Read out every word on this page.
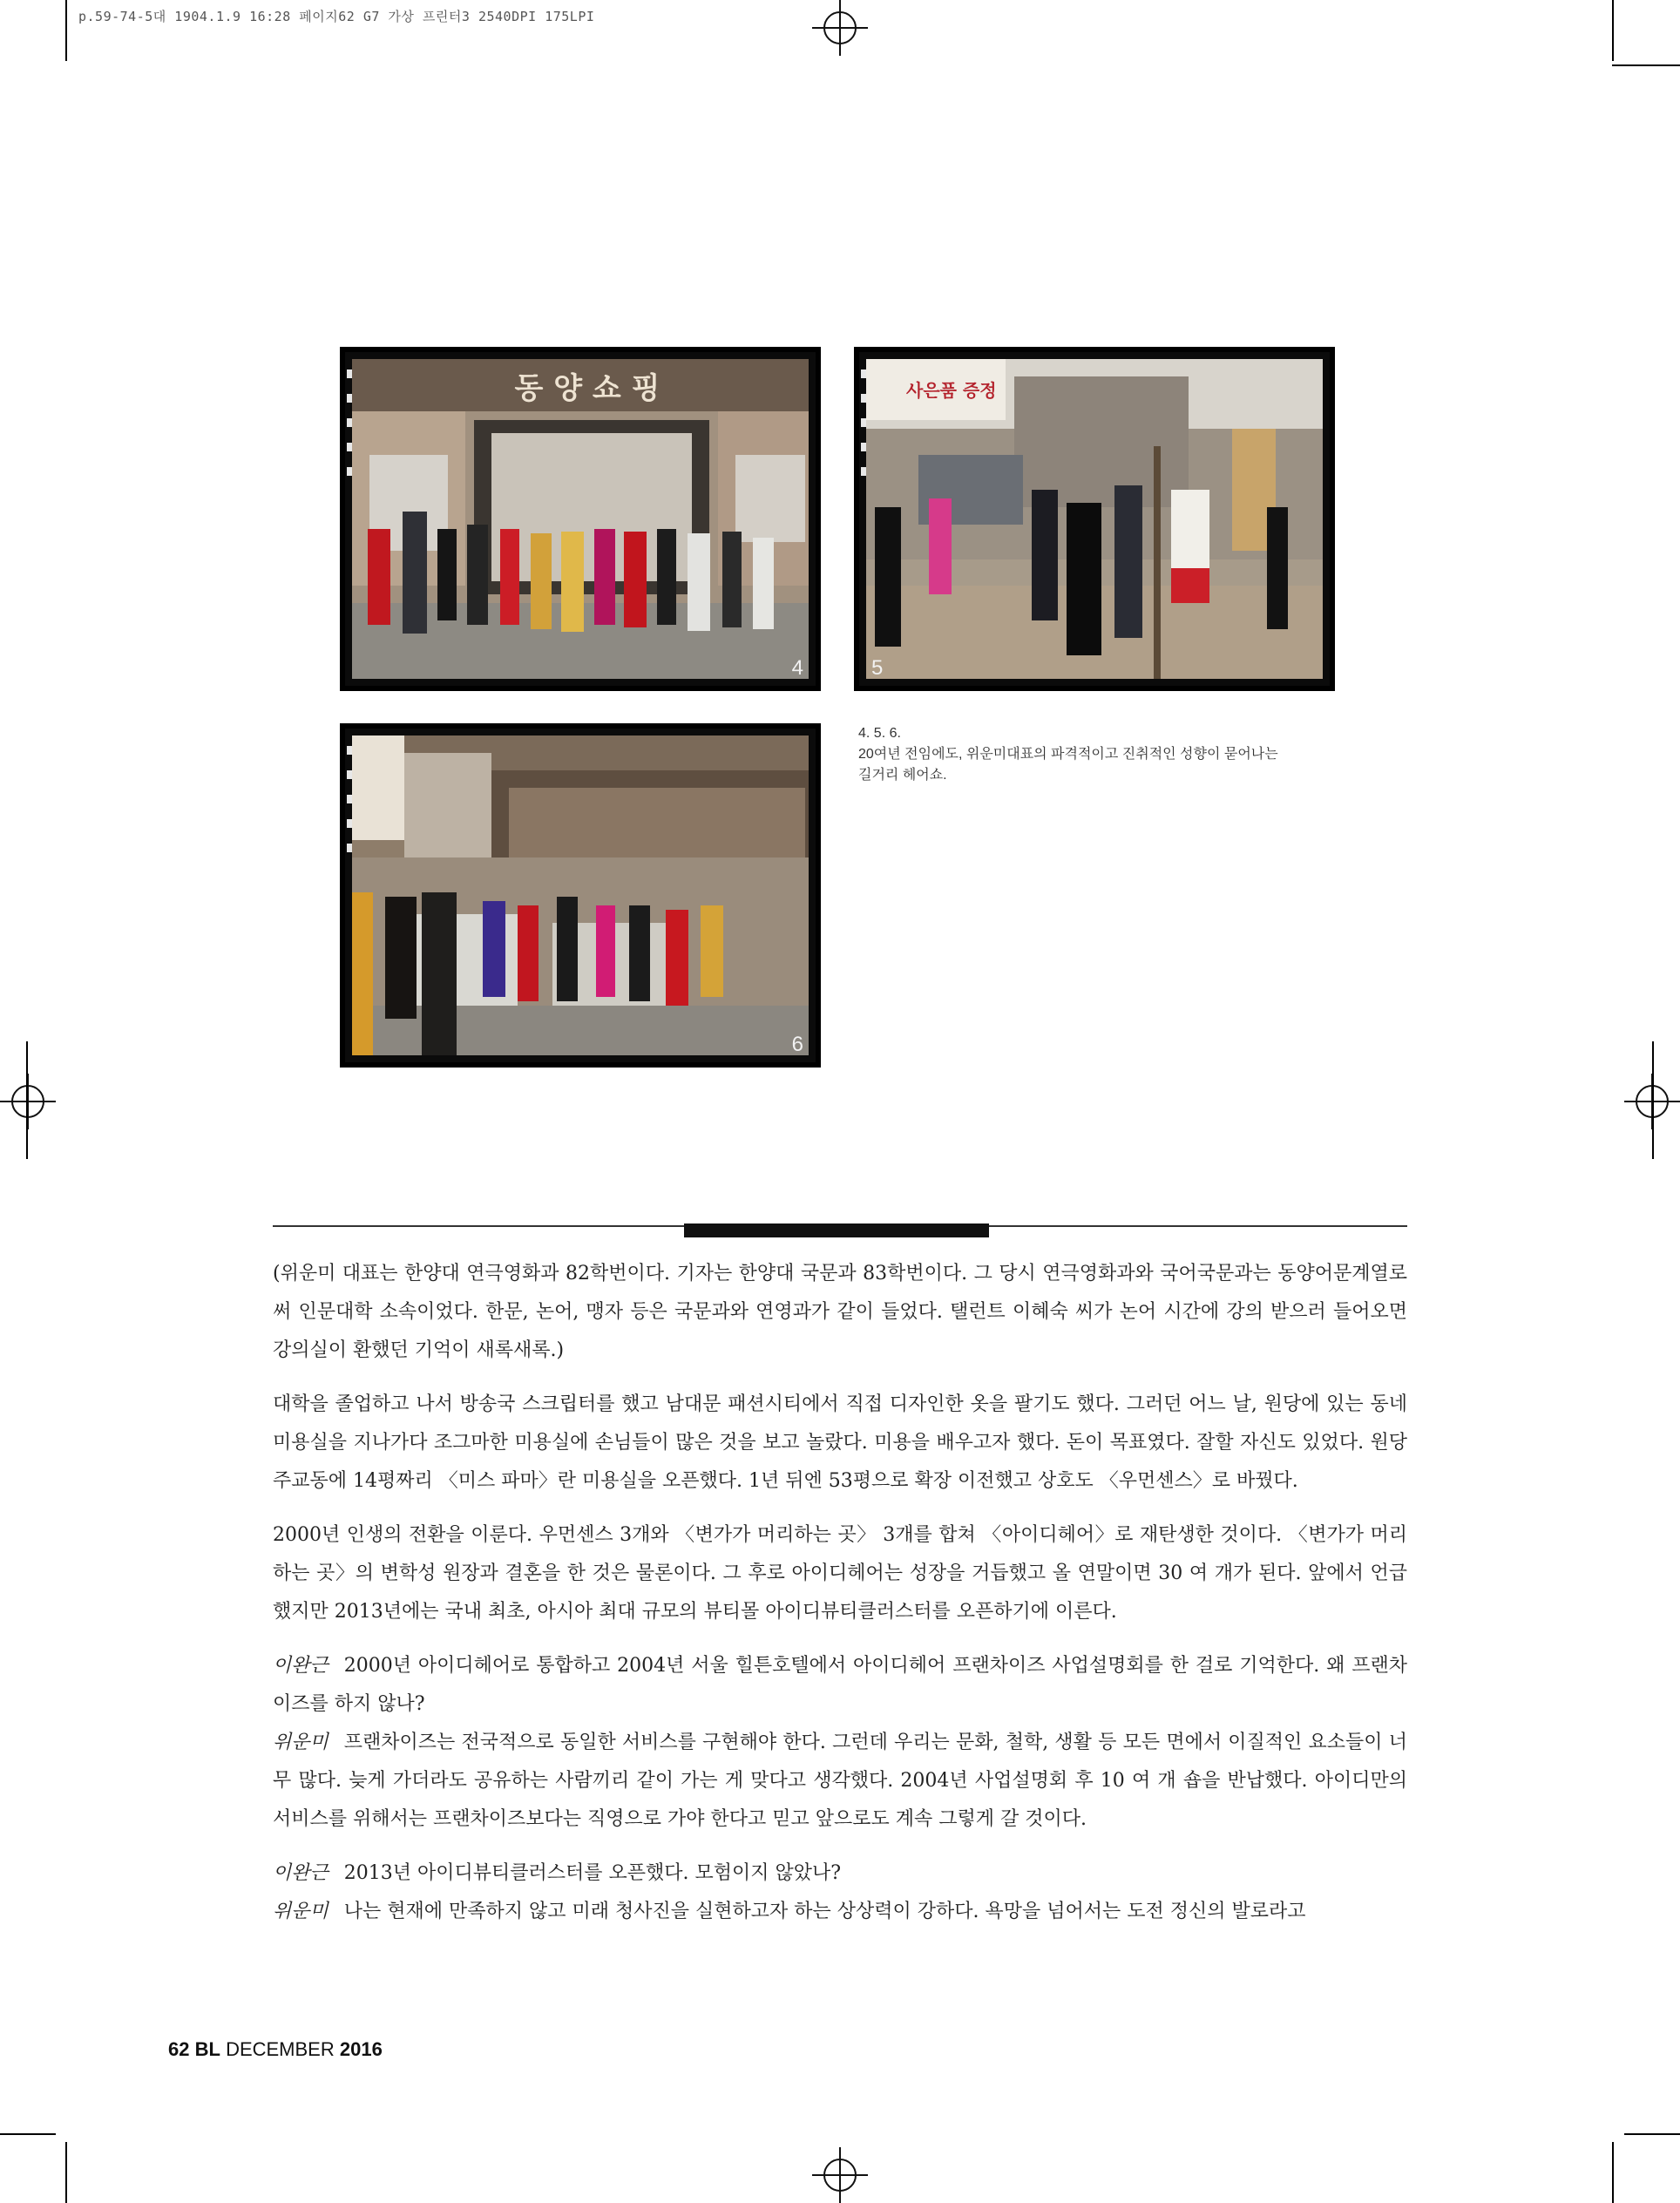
p.59-74-5대 1904.1.9 16:28 페이지62 G7 가상 프린터3 2540DPI 175LPI
동 양 쇼 핑
4
사은품 증정
5
6

4. 5. 6.

20여년 전임에도, 위운미대표의 파격적이고 진취적인 성향이 묻어나는

길거리 헤어쇼.

(위운미 대표는 한양대 연극영화과 82학번이다. 기자는 한양대 국문과 83학번이다. 그 당시 연극영화과와 국어국문과는 동양어문계열로써 인문대학 소속이었다. 한문, 논어, 맹자 등은 국문과와 연영과가 같이 들었다. 탤런트 이혜숙 씨가 논어 시간에 강의 받으러 들어오면 강의실이 환했던 기억이 새록새록.)

대학을 졸업하고 나서 방송국 스크립터를 했고 남대문 패션시티에서 직접 디자인한 옷을 팔기도 했다. 그러던 어느 날, 원당에 있는 동네 미용실을 지나가다 조그마한 미용실에 손님들이 많은 것을 보고 놀랐다. 미용을 배우고자 했다. 돈이 목표였다. 잘할 자신도 있었다. 원당 주교동에 14평짜리 〈미스 파마〉란 미용실을 오픈했다. 1년 뒤엔 53평으로 확장 이전했고 상호도 〈우먼센스〉로 바꿨다.

2000년 인생의 전환을 이룬다. 우먼센스 3개와 〈변가가 머리하는 곳〉 3개를 합쳐 〈아이디헤어〉로 재탄생한 것이다. 〈변가가 머리하는 곳〉의 변학성 원장과 결혼을 한 것은 물론이다. 그 후로 아이디헤어는 성장을 거듭했고 올 연말이면 30 여 개가 된다. 앞에서 언급했지만 2013년에는 국내 최초, 아시아 최대 규모의 뷰티몰 아이디뷰티클러스터를 오픈하기에 이른다.

이완근 2000년 아이디헤어로 통합하고 2004년 서울 힐튼호텔에서 아이디헤어 프랜차이즈 사업설명회를 한 걸로 기억한다. 왜 프랜차이즈를 하지 않나?

위운미 프랜차이즈는 전국적으로 동일한 서비스를 구현해야 한다. 그런데 우리는 문화, 철학, 생활 등 모든 면에서 이질적인 요소들이 너무 많다. 늦게 가더라도 공유하는 사람끼리 같이 가는 게 맞다고 생각했다. 2004년 사업설명회 후 10 여 개 숍을 반납했다. 아이디만의 서비스를 위해서는 프랜차이즈보다는 직영으로 가야 한다고 믿고 앞으로도 계속 그렇게 갈 것이다.

이완근 2013년 아이디뷰티클러스터를 오픈했다. 모험이지 않았나?

위운미 나는 현재에 만족하지 않고 미래 청사진을 실현하고자 하는 상상력이 강하다. 욕망을 넘어서는 도전 정신의 발로라고

62 BL DECEMBER 2016
